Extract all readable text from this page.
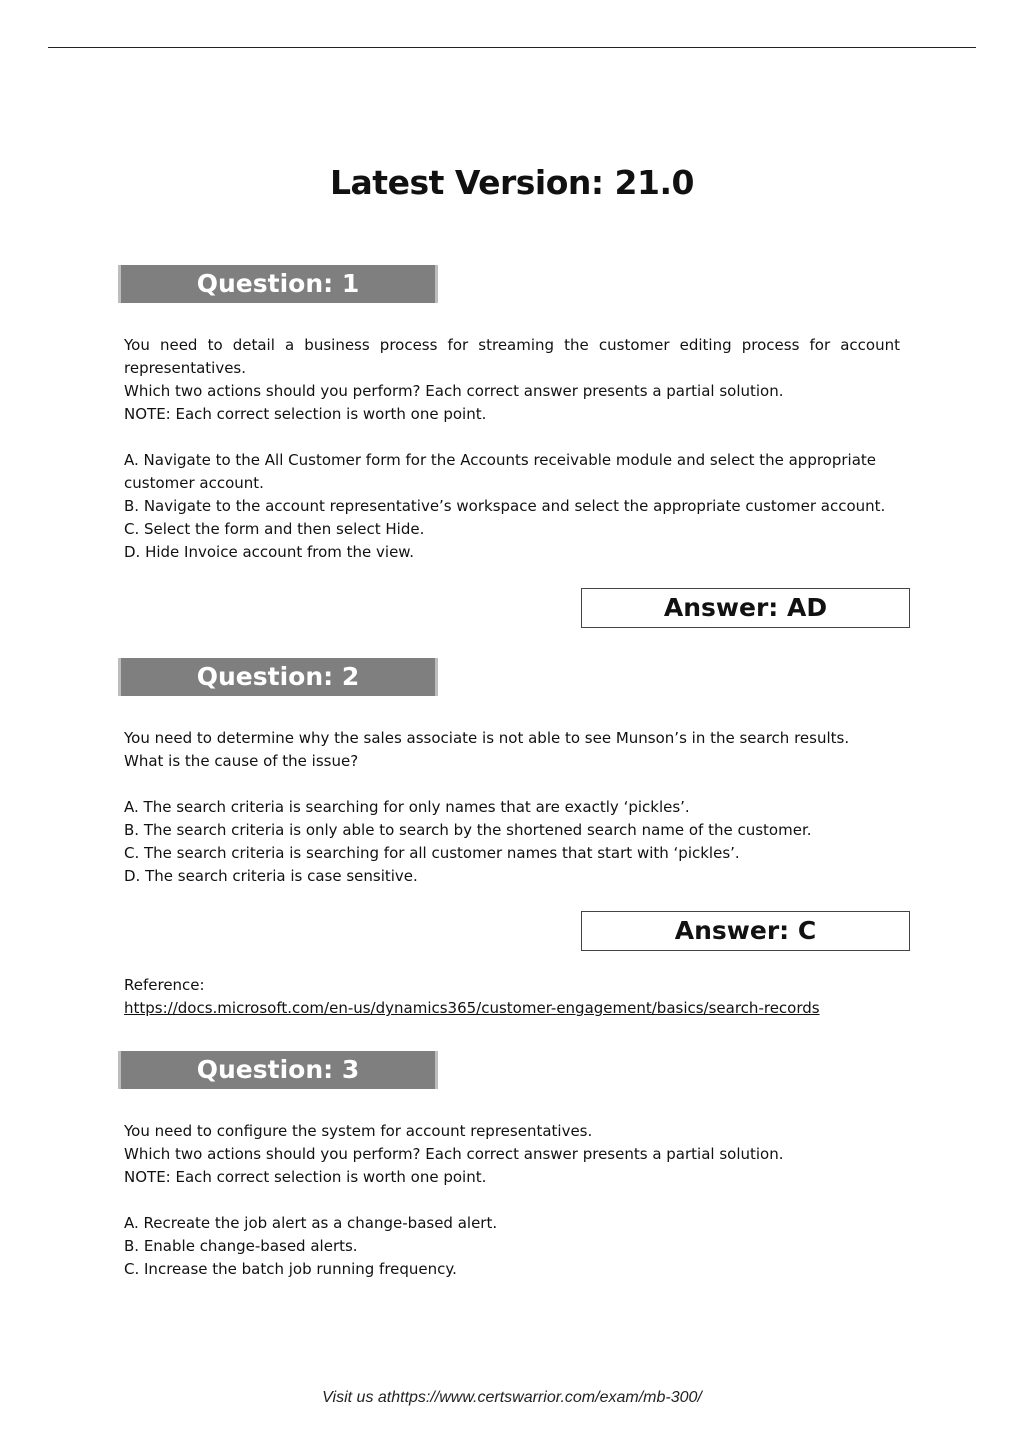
Latest Version: 21.0
Question: 1

You need to detail a business process for streaming the customer editing process for account representatives.

Which two actions should you perform? Each correct answer presents a partial solution.

NOTE: Each correct selection is worth one point.

A. Navigate to the All Customer form for the Accounts receivable module and select the appropriate customer account.

B. Navigate to the account representative’s workspace and select the appropriate customer account.

C. Select the form and then select Hide.

D. Hide Invoice account from the view.

Answer: AD
Question: 2

You need to determine why the sales associate is not able to see Munson’s in the search results.

What is the cause of the issue?

A. The search criteria is searching for only names that are exactly ‘pickles’.

B. The search criteria is only able to search by the shortened search name of the customer.

C. The search criteria is searching for all customer names that start with ‘pickles’.

D. The search criteria is case sensitive.

Answer: C

Reference:

https://docs.microsoft.com/en-us/dynamics365/customer-engagement/basics/search-records
Question: 3

You need to configure the system for account representatives.

Which two actions should you perform? Each correct answer presents a partial solution.

NOTE: Each correct selection is worth one point.

A. Recreate the job alert as a change-based alert.

B. Enable change-based alerts.

C. Increase the batch job running frequency.

Visit us athttps://www.certswarrior.com/exam/mb-300/
